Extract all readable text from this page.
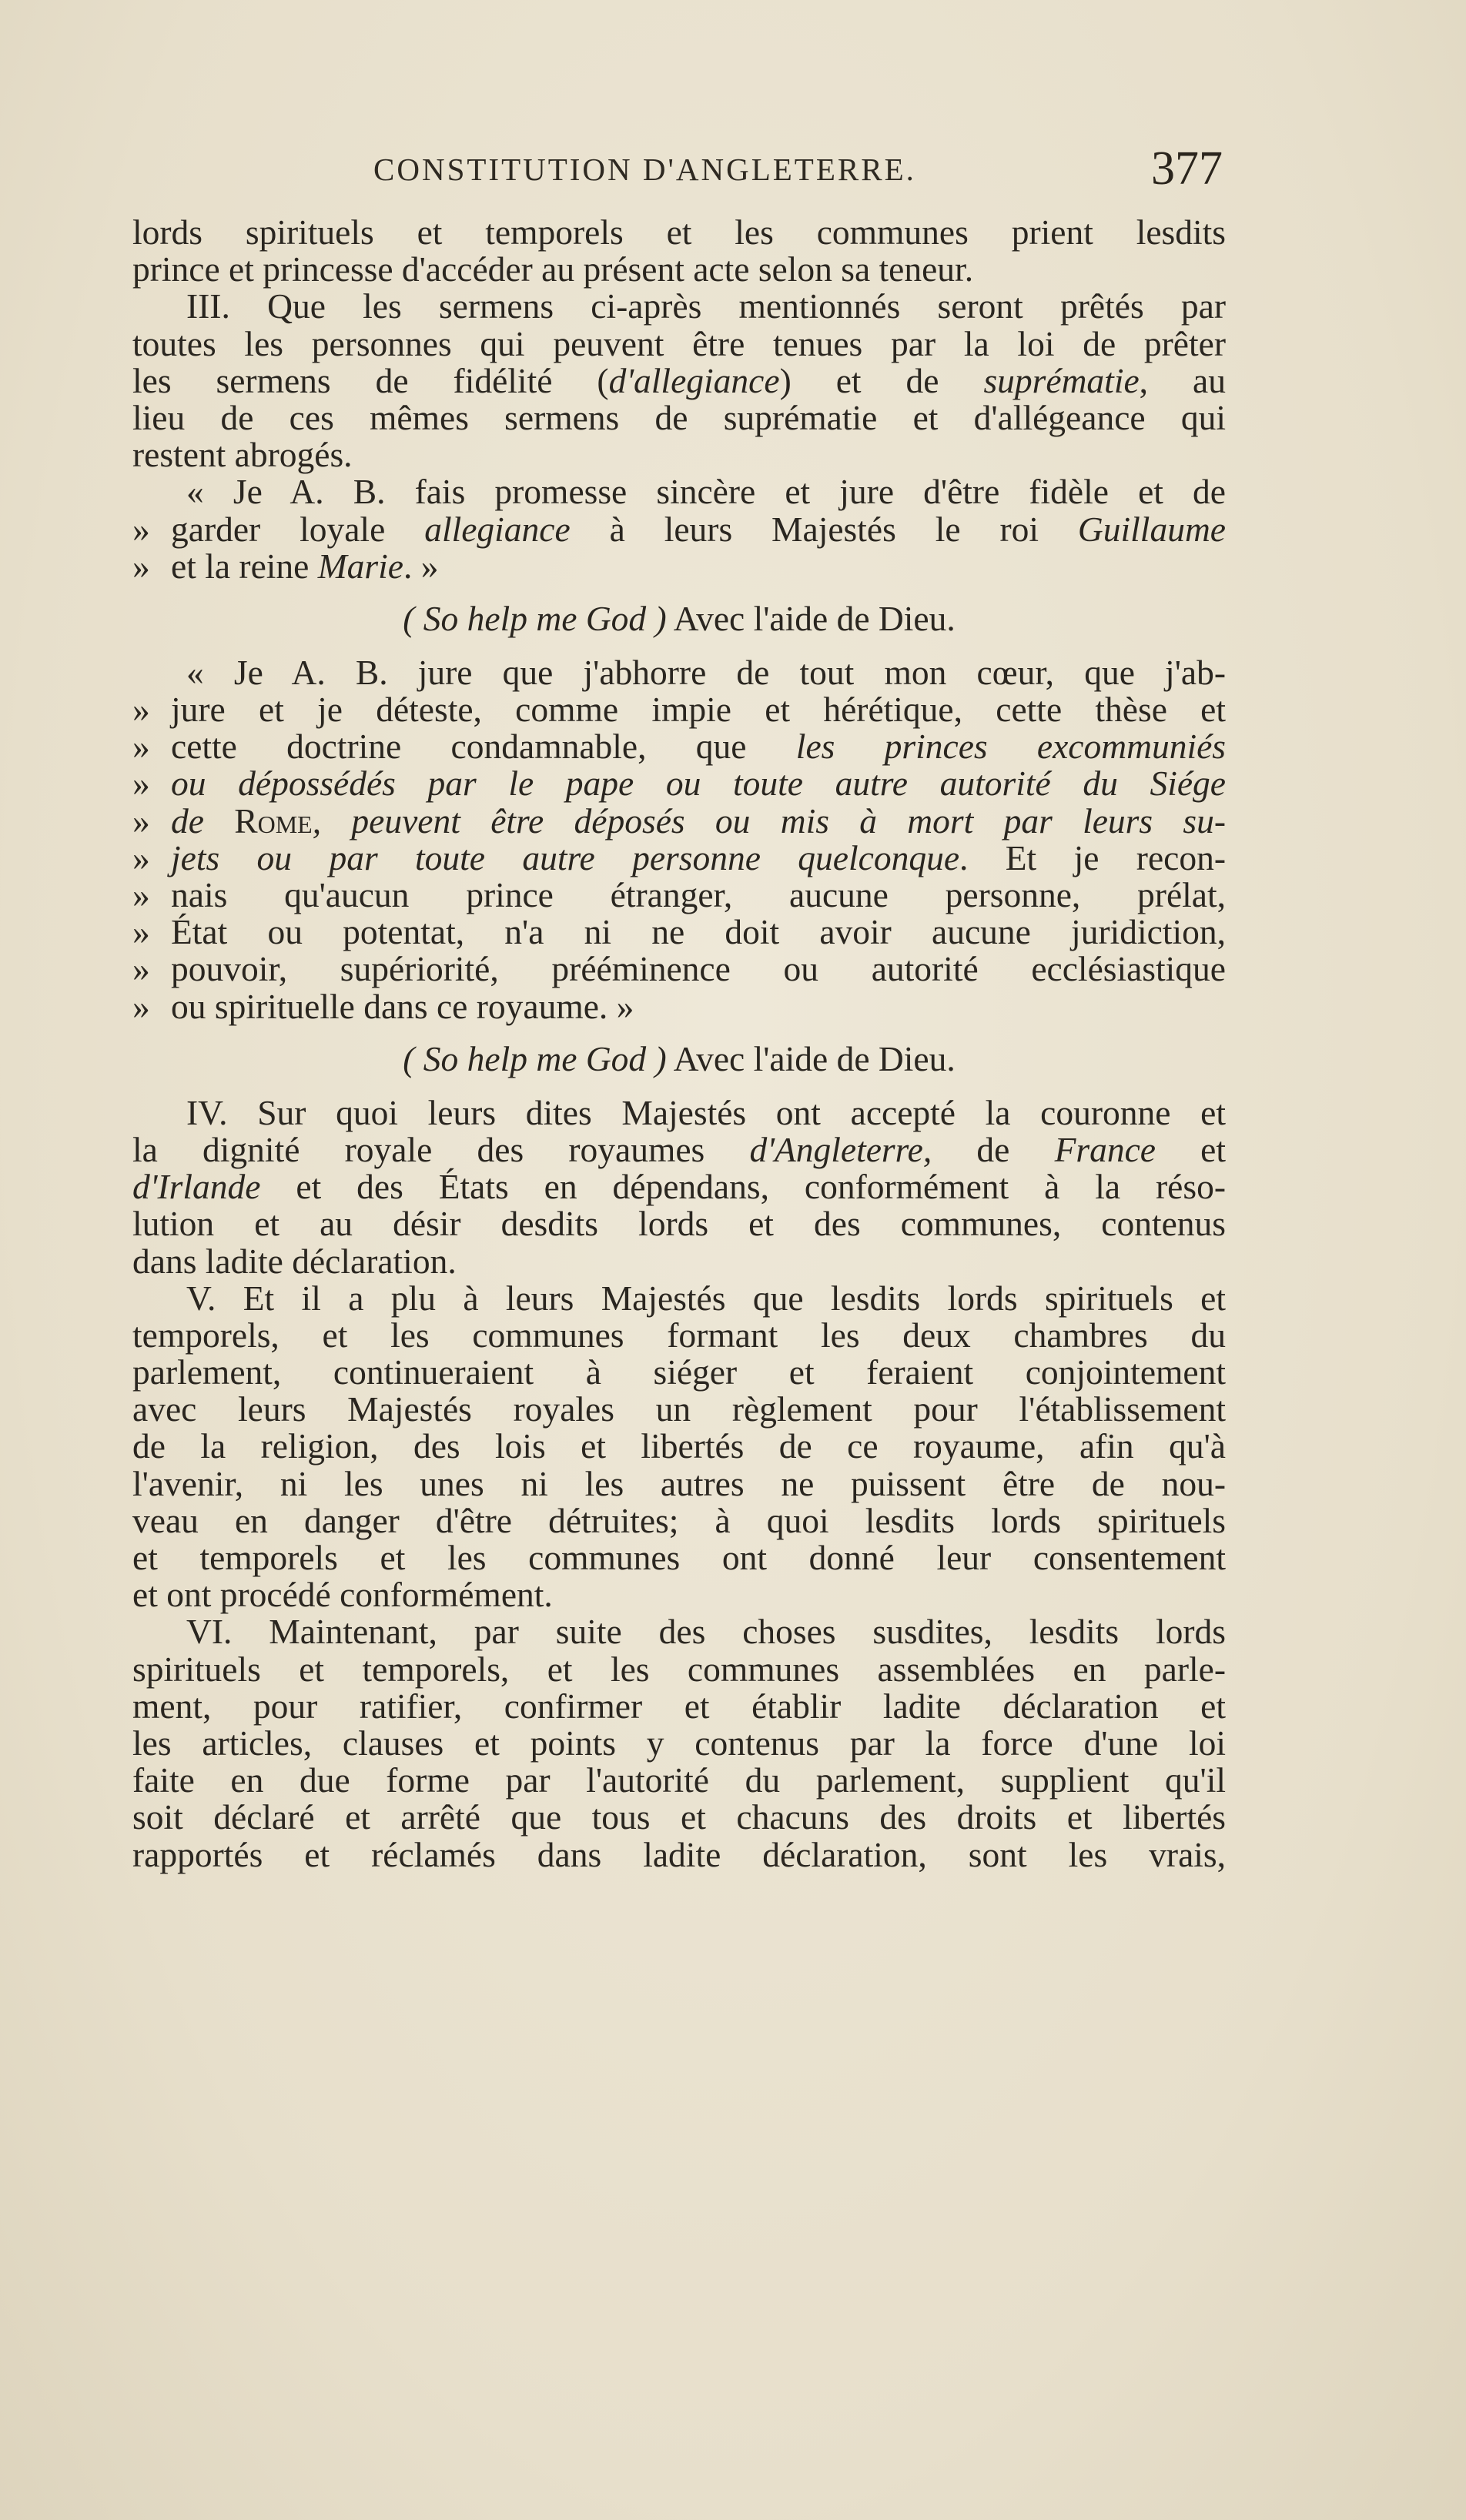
CONSTITUTION D'ANGLETERRE.	377
lords spirituels et temporels et les communes prient lesdits
prince et princesse d'accéder au présent acte selon sa teneur.
III. Que les sermens ci-après mentionnés seront prêtés par
toutes les personnes qui peuvent être tenues par la loi de prêter
les sermens de fidélité (d'allegiance) et de suprématie, au
lieu de ces mêmes sermens de suprématie et d'allégeance qui
restent abrogés.
« Je A. B. fais promesse sincère et jure d'être fidèle et de
» garder loyale allegiance à leurs Majestés le roi Guillaume
» et la reine Marie. »
( So help me God ) Avec l'aide de Dieu.
« Je A. B. jure que j'abhorre de tout mon cœur, que j'ab-
» jure et je déteste, comme impie et hérétique, cette thèse et
» cette doctrine condamnable, que les princes excommuniés
» ou dépossédés par le pape ou toute autre autorité du Siége
» de Rome, peuvent être déposés ou mis à mort par leurs su-
» jets ou par toute autre personne quelconque. Et je recon-
» nais qu'aucun prince étranger, aucune personne, prélat,
» État ou potentat, n'a ni ne doit avoir aucune juridiction,
» pouvoir, supériorité, prééminence ou autorité ecclésiastique
» ou spirituelle dans ce royaume. »
( So help me God ) Avec l'aide de Dieu.
IV. Sur quoi leurs dites Majestés ont accepté la couronne et
la dignité royale des royaumes d'Angleterre, de France et
d'Irlande et des États en dépendans, conformément à la réso-
lution et au désir desdits lords et des communes, contenus
dans ladite déclaration.
V. Et il a plu à leurs Majestés que lesdits lords spirituels et
temporels, et les communes formant les deux chambres du
parlement, continueraient à siéger et feraient conjointement
avec leurs Majestés royales un règlement pour l'établissement
de la religion, des lois et libertés de ce royaume, afin qu'à
l'avenir, ni les unes ni les autres ne puissent être de nou-
veau en danger d'être détruites; à quoi lesdits lords spirituels
et temporels et les communes ont donné leur consentement
et ont procédé conformément.
VI. Maintenant, par suite des choses susdites, lesdits lords
spirituels et temporels, et les communes assemblées en parle-
ment, pour ratifier, confirmer et établir ladite déclaration et
les articles, clauses et points y contenus par la force d'une loi
faite en due forme par l'autorité du parlement, supplient qu'il
soit déclaré et arrêté que tous et chacuns des droits et libertés
rapportés et réclamés dans ladite déclaration, sont les vrais,
